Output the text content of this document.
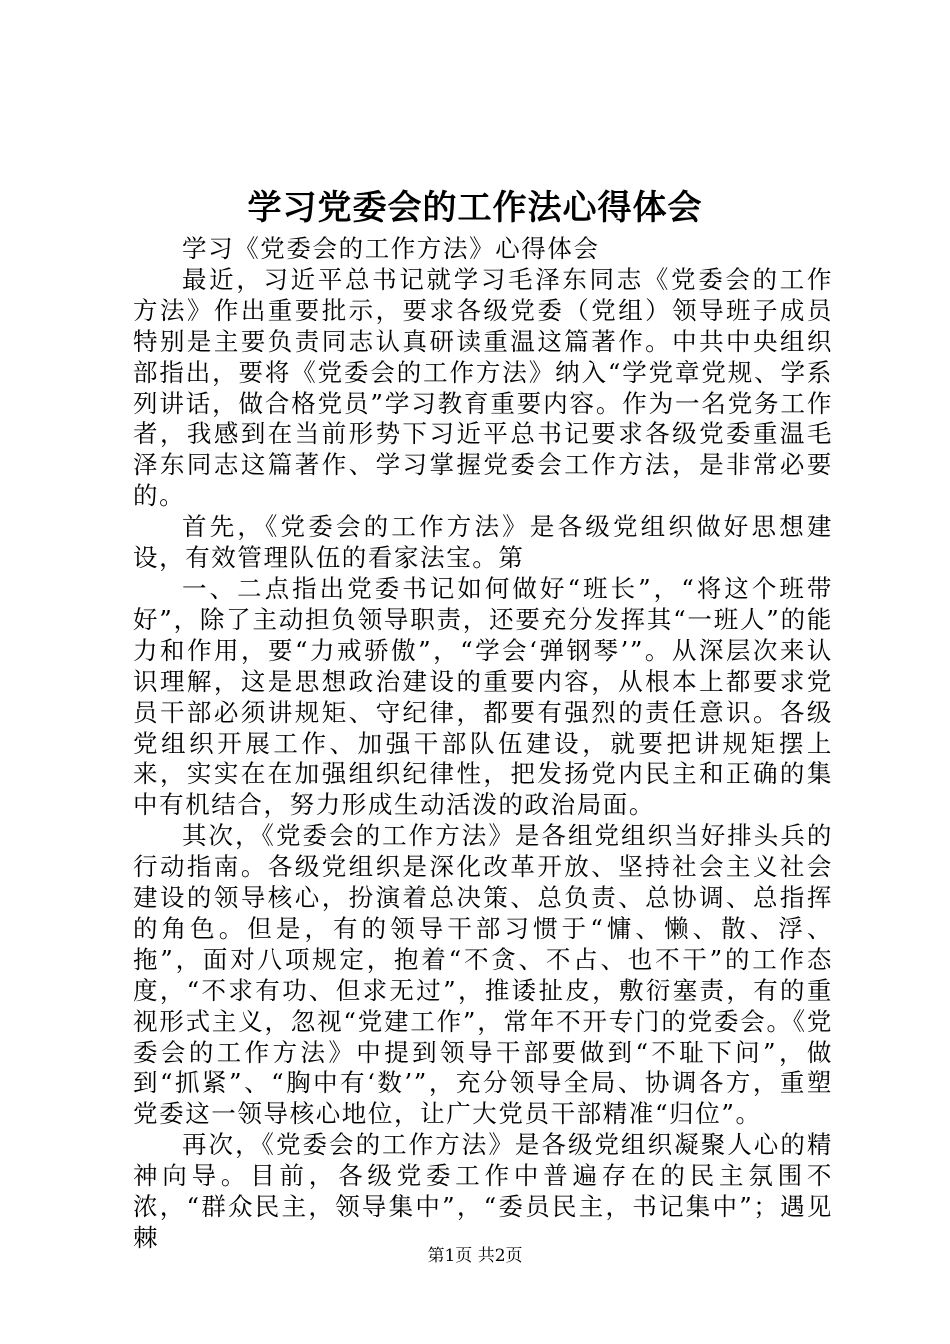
学习党委会的工作法心得体会

学习《党委会的工作方法》心得体会

最近，习近平总书记就学习毛泽东同志《党委会的工作方法》作出重要批示，要求各级党委（党组）领导班子成员特别是主要负责同志认真研读重温这篇著作。中共中央组织部指出，要将《党委会的工作方法》纳入“学党章党规、学系列讲话，做合格党员”学习教育重要内容。作为一名党务工作者，我感到在当前形势下习近平总书记要求各级党委重温毛泽东同志这篇著作、学习掌握党委会工作方法，是非常必要的。

首先，《党委会的工作方法》是各级党组织做好思想建设，有效管理队伍的看家法宝。第

一、二点指出党委书记如何做好“班长”，“将这个班带好”，除了主动担负领导职责，还要充分发挥其“一班人”的能力和作用，要“力戒骄傲”，“学会‘弹钢琴’”。从深层次来认识理解，这是思想政治建设的重要内容，从根本上都要求党员干部必须讲规矩、守纪律，都要有强烈的责任意识。各级党组织开展工作、加强干部队伍建设，就要把讲规矩摆上来，实实在在加强组织纪律性，把发扬党内民主和正确的集中有机结合，努力形成生动活泼的政治局面。

其次，《党委会的工作方法》是各组党组织当好排头兵的行动指南。各级党组织是深化改革开放、坚持社会主义社会建设的领导核心，扮演着总决策、总负责、总协调、总指挥的角色。但是，有的领导干部习惯于“慵、懒、散、浮、拖”，面对八项规定，抱着“不贪、不占、也不干”的工作态度，“不求有功、但求无过”，推诿扯皮，敷衍塞责，有的重视形式主义，忽视“党建工作”，常年不开专门的党委会。《党委会的工作方法》中提到领导干部要做到“不耻下问”，做到“抓紧”、“胸中有‘数’”，充分领导全局、协调各方，重塑党委这一领导核心地位，让广大党员干部精准“归位”。

再次，《党委会的工作方法》是各级党组织凝聚人心的精神向导。目前，各级党委工作中普遍存在的民主氛围不浓，“群众民主，领导集中”，“委员民主，书记集中”；遇见棘

第1页 共2页
